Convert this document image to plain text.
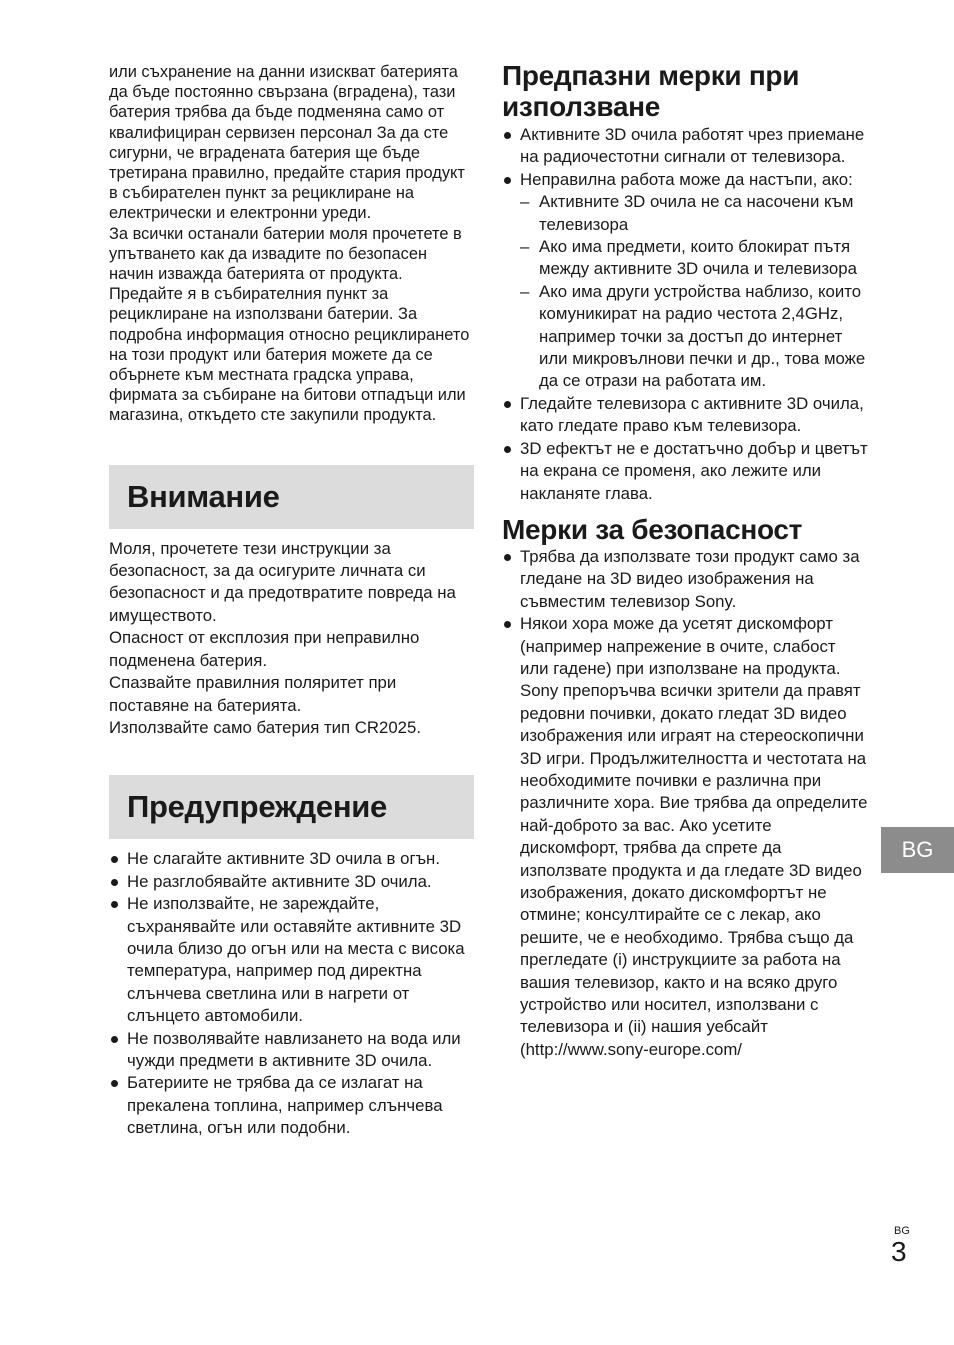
или съхранение на данни изискват батерията да бъде постоянно свързана (вградена), тази батерия трябва да бъде подменяна само от квалифициран сервизен персонал За да сте сигурни, че вградената батерия ще бъде третирана правилно, предайте стария продукт в събирателен пункт за рециклиране на електрически и електронни уреди.

За всички останали батерии моля прочетете в упътването как да извадите по безопасен начин изважда батерията от продукта. Предайте я в събирателния пункт за рециклиране на използвани батерии. За подробна информация относно рециклирането на този продукт или батерия можете да се обърнете към местната градска управа, фирмата за събиране на битови отпадъци или магазина, откъдето сте закупили продукта.

Внимание

Моля, прочетете тези инструкции за безопасност, за да осигурите личната си безопасност и да предотвратите повреда на имуществото.

Опасност от експлозия при неправилно подменена батерия.

Спазвайте правилния поляритет при поставяне на батерията.

Използвайте само батерия тип CR2025.

Предупреждение
Не слагайте активните 3D очила в огън.
Не разглобявайте активните 3D очила.
Не използвайте, не зареждайте, съхранявайте или оставяйте активните 3D очила близо до огън или на места с висока температура, например под директна слънчева светлина или в нагрети от слънцето автомобили.
Не позволявайте навлизането на вода или чужди предмети в активните 3D очила.
Батериите не трябва да се излагат на прекалена топлина, например слънчева светлина, огън или подобни.
Предпазни мерки при използване
Активните 3D очила работят чрез приемане на радиочестотни сигнали от телевизора.
Неправилна работа може да настъпи, ако:
– Активните 3D очила не са насочени към телевизора
– Ако има предмети, които блокират пътя между активните 3D очила и телевизора
– Ако има други устройства наблизо, които комуникират на радио честота 2,4GHz, например точки за достъп до интернет или микровълнови печки и др., това може да се отрази на работата им.
Гледайте телевизора с активните 3D очила, като гледате право към телевизора.
3D ефектът не е достатъчно добър и цветът на екрана се променя, ако лежите или накланяте глава.
Мерки за безопасност
Трябва да използвате този продукт само за гледане на 3D видео изображения на съвместим телевизор Sony.
Някои хора може да усетят дискомфорт (например напрежение в очите, слабост или гадене) при използване на продукта. Sony препоръчва всички зрители да правят редовни почивки, докато гледат 3D видео изображения или играят на стереоскопични 3D игри. Продължителността и честотата на необходимите почивки е различна при различните хора. Вие трябва да определите най-доброто за вас. Ако усетите дискомфорт, трябва да спрете да използвате продукта и да гледате 3D видео изображения, докато дискомфортът не отмине; консултирайте се с лекар, ако решите, че е необходимо. Трябва също да прегледате (i) инструкциите за работа на вашия телевизор, както и на всяко друго устройство или носител, използвани с телевизора и (ii) нашия уебсайт (http://www.sony-europe.com/
BG
BG
3
